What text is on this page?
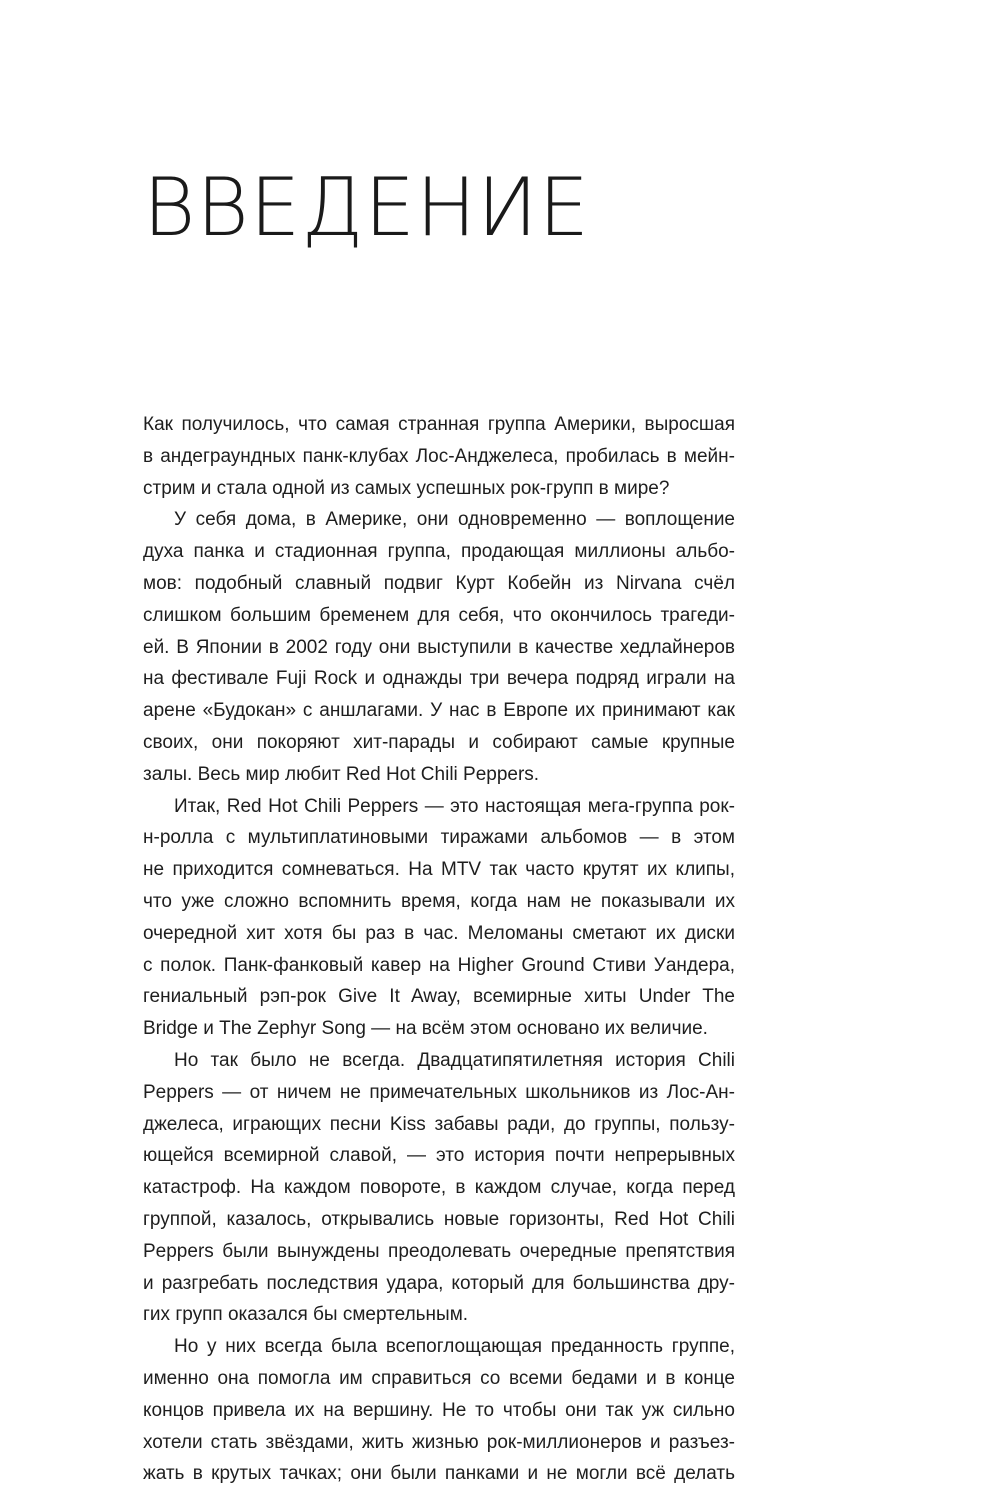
ВВЕДЕНИЕ
Как получилось, что самая странная группа Америки, выросшая
в андеграундных панк-клубах Лос-Анджелеса, пробилась в мейн-
стрим и стала одной из самых успешных рок-групп в мире?
У себя дома, в Америке, они одновременно — воплощение
духа панка и стадионная группа, продающая миллионы альбо-
мов: подобный славный подвиг Курт Кобейн из Nirvana счёл
слишком большим бременем для себя, что окончилось трагеди-
ей. В Японии в 2002 году они выступили в качестве хедлайнеров
на фестивале Fuji Rock и однажды три вечера подряд играли на
арене «Будокан» с аншлагами. У нас в Европе их принимают как
своих, они покоряют хит-парады и собирают самые крупные
залы. Весь мир любит Red Hot Chili Peppers.
Итак, Red Hot Chili Peppers — это настоящая мега-группа рок-
н-ролла с мультиплатиновыми тиражами альбомов — в этом
не приходится сомневаться. На MTV так часто крутят их клипы,
что уже сложно вспомнить время, когда нам не показывали их
очередной хит хотя бы раз в час. Меломаны сметают их диски
с полок. Панк-фанковый кавер на Higher Ground Стиви Уандера,
гениальный рэп-рок Give It Away, всемирные хиты Under The
Bridge и The Zephyr Song — на всём этом основано их величие.
Но так было не всегда. Двадцатипятилетняя история Chili
Peppers — от ничем не примечательных школьников из Лос-Ан-
джелеса, играющих песни Kiss забавы ради, до группы, пользу-
ющейся всемирной славой, — это история почти непрерывных
катастроф. На каждом повороте, в каждом случае, когда перед
группой, казалось, открывались новые горизонты, Red Hot Chili
Peppers были вынуждены преодолевать очередные препятствия
и разгребать последствия удара, который для большинства дру-
гих групп оказался бы смертельным.
Но у них всегда была всепоглощающая преданность группе,
именно она помогла им справиться со всеми бедами и в конце
концов привела их на вершину. Не то чтобы они так уж сильно
хотели стать звёздами, жить жизнью рок-миллионеров и разъез-
жать в крутых тачках; они были панками и не могли всё делать
